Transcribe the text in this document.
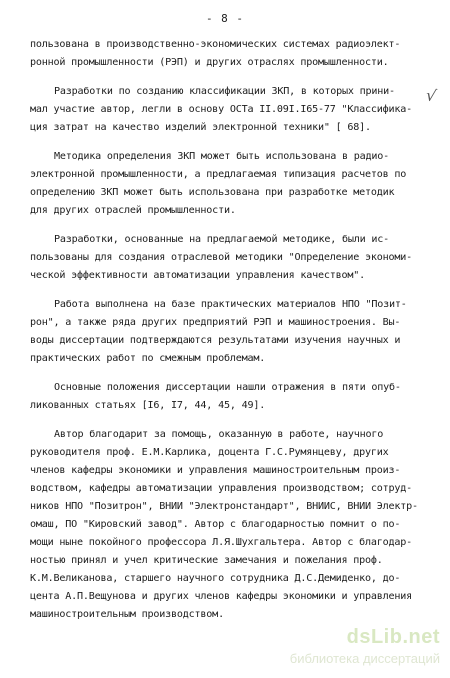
- 8 -
√
пользована в производственно-экономических системах радиоэлект-
ронной промышленности (РЭП) и других отраслях промышленности.
Разработки по созданию классификации ЗКП, в которых прини-
мал участие автор, легли в основу ОСТа II.09I.I65-77 "Классифика-
ция затрат на качество изделий электронной техники" [ 68].
Методика определения ЗКП может быть использована в радио-
электронной промышленности, а предлагаемая типизация расчетов по
определению ЗКП может быть использована при разработке методик
для других отраслей промышленности.
Разработки, основанные на предлагаемой методике, были ис-
пользованы для создания отраслевой методики "Определение экономи-
ческой эффективности автоматизации управления качеством".
Работа выполнена на базе практических материалов НПО "Позит-
рон", а также ряда других предприятий РЭП и машиностроения. Вы-
воды диссертации подтверждаются результатами изучения научных и
практических работ по смежным проблемам.
Основные положения диссертации нашли отражения в пяти опуб-
ликованных статьях [I6, I7, 44, 45, 49].
Автор благодарит за помощь, оказанную в работе, научного
руководителя проф. Е.М.Карлика, доцента Г.С.Румянцеву, других
членов кафедры экономики и управления машиностроительным произ-
водством, кафедры автоматизации управления производством; сотруд-
ников НПО "Позитрон", ВНИИ "Электронстандарт", ВНИИС, ВНИИ Электр-
омаш, ПО "Кировский завод". Автор с благодарностью помнит о по-
мощи ныне покойного профессора Л.Я.Шухгальтера. Автор с благодар-
ностью принял и учел критические замечания и пожелания проф.
К.М.Великанова, старшего научного сотрудника Д.С.Демиденко, до-
цента А.П.Вещунова и других членов кафедры экономики и управления
машиностроительным производством.
dsLib.net
библиотека диссертаций
